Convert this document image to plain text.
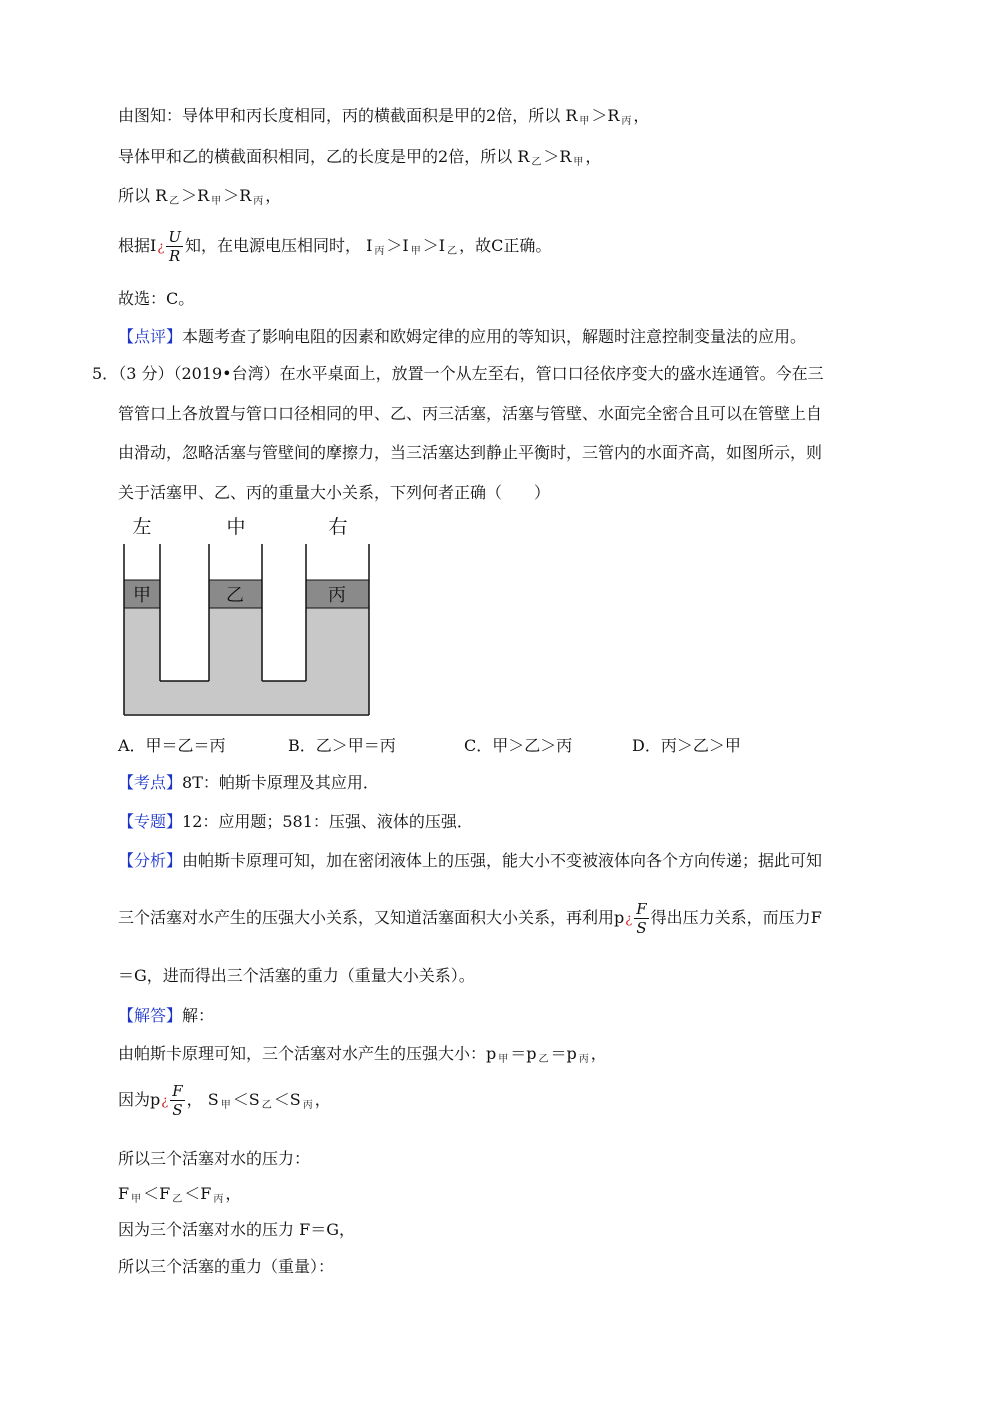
由图知：导体甲和丙长度相同，丙的横截面积是甲的2倍，所以 R $_甲$ ＞R $_丙$ ，
导体甲和乙的横截面积相同，乙的长度是甲的2倍，所以 R $_乙$ ＞R $_甲$ ，
所以 R $_乙$ ＞R $_甲$ ＞R $_丙$ ，
根据I¿ $\frac{U}{R}$ 知，在电源电压相同时， I $_丙$ ＞I $_甲$ ＞I $_乙$ ，故C正确。
故选：C。
【点评】本题考查了影响电阻的因素和欧姆定律的应用的等知识，解题时注意控制变量法的应用。
5．（3 分）（2019•台湾）在水平桌面上，放置一个从左至右，管口口径依序变大的盛水连通管。今在三
管管口上各放置与管口口径相同的甲、乙、丙三活塞，活塞与管壁、水面完全密合且可以在管壁上自
由滑动，忽略活塞与管壁间的摩擦力，当三活塞达到静止平衡时，三管内的水面齐高，如图所示，则
关于活塞甲、乙、丙的重量大小关系，下列何者正确（　　）
左	中	右
甲	乙	丙
A．甲＝乙＝丙	B．乙＞甲＝丙	C．甲＞乙＞丙	D．丙＞乙＞甲
【考点】8T：帕斯卡原理及其应用．
【专题】12：应用题；581：压强、液体的压强．
【分析】由帕斯卡原理可知，加在密闭液体上的压强，能大小不变被液体向各个方向传递；据此可知
三个活塞对水产生的压强大小关系，又知道活塞面积大小关系，再利用p¿ $\frac{F}{S}$ 得出压力关系，而压力F
＝G，进而得出三个活塞的重力（重量大小关系）。
【解答】解：
由帕斯卡原理可知，三个活塞对水产生的压强大小：p $_甲$ ＝p $_乙$ ＝p $_丙$ ，
因为p¿ $\frac{F}{S}$ ， S $_甲$ ＜S $_乙$ ＜S $_丙$ ，
所以三个活塞对水的压力：
F $_甲$ ＜F $_乙$ ＜F $_丙$ ，
因为三个活塞对水的压力 F＝G，
所以三个活塞的重力（重量）：
